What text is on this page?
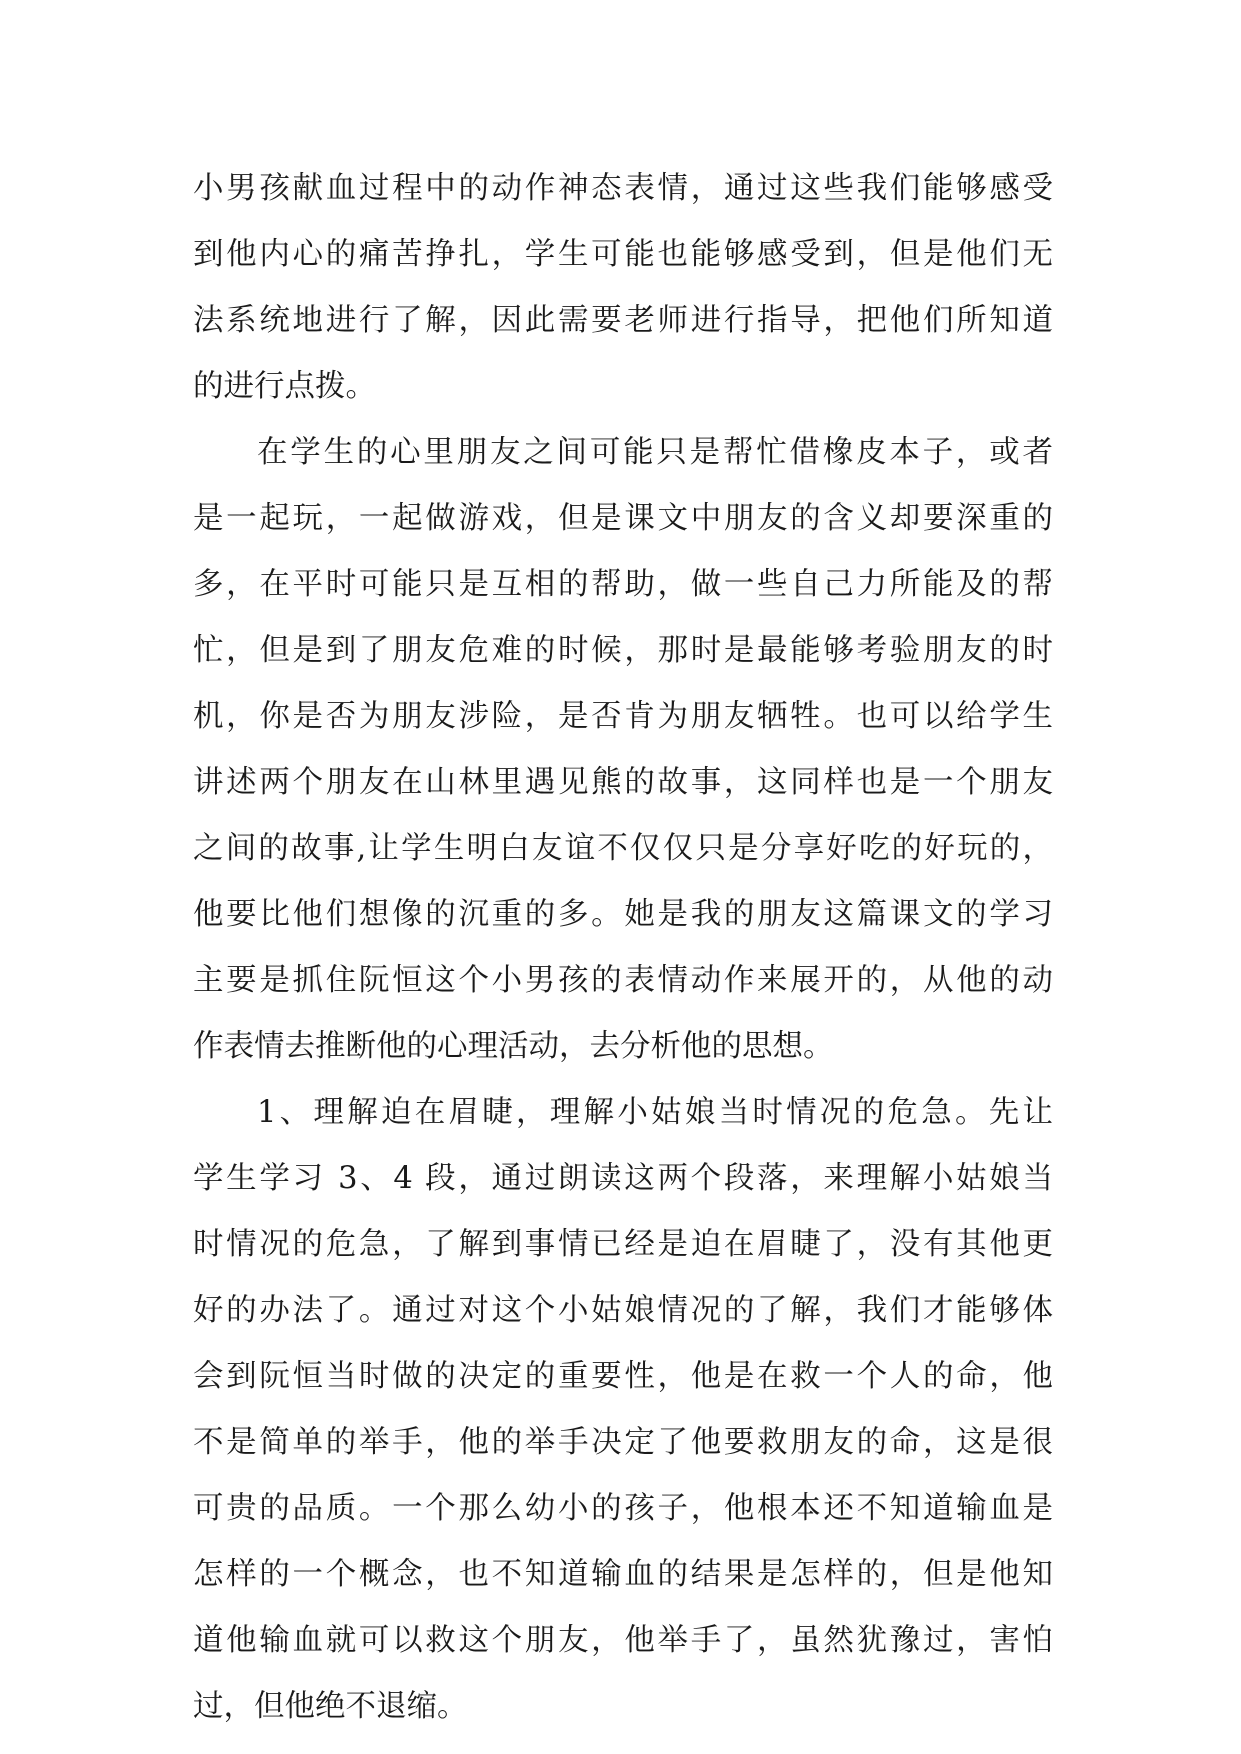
小男孩献血过程中的动作神态表情，通过这些我们能够感受
到他内心的痛苦挣扎，学生可能也能够感受到，但是他们无
法系统地进行了解，因此需要老师进行指导，把他们所知道
的进行点拨。
在学生的心里朋友之间可能只是帮忙借橡皮本子，或者
是一起玩，一起做游戏，但是课文中朋友的含义却要深重的
多，在平时可能只是互相的帮助，做一些自己力所能及的帮
忙，但是到了朋友危难的时候，那时是最能够考验朋友的时
机，你是否为朋友涉险，是否肯为朋友牺牲。也可以给学生
讲述两个朋友在山林里遇见熊的故事，这同样也是一个朋友
之间的故事,让学生明白友谊不仅仅只是分享好吃的好玩的，
他要比他们想像的沉重的多。她是我的朋友这篇课文的学习
主要是抓住阮恒这个小男孩的表情动作来展开的，从他的动
作表情去推断他的心理活动，去分析他的思想。
1、理解迫在眉睫，理解小姑娘当时情况的危急。先让
学生学习 3、4 段，通过朗读这两个段落，来理解小姑娘当
时情况的危急，了解到事情已经是迫在眉睫了，没有其他更
好的办法了。通过对这个小姑娘情况的了解，我们才能够体
会到阮恒当时做的决定的重要性，他是在救一个人的命，他
不是简单的举手，他的举手决定了他要救朋友的命，这是很
可贵的品质。一个那么幼小的孩子，他根本还不知道输血是
怎样的一个概念，也不知道输血的结果是怎样的，但是他知
道他输血就可以救这个朋友，他举手了，虽然犹豫过，害怕
过，但他绝不退缩。
